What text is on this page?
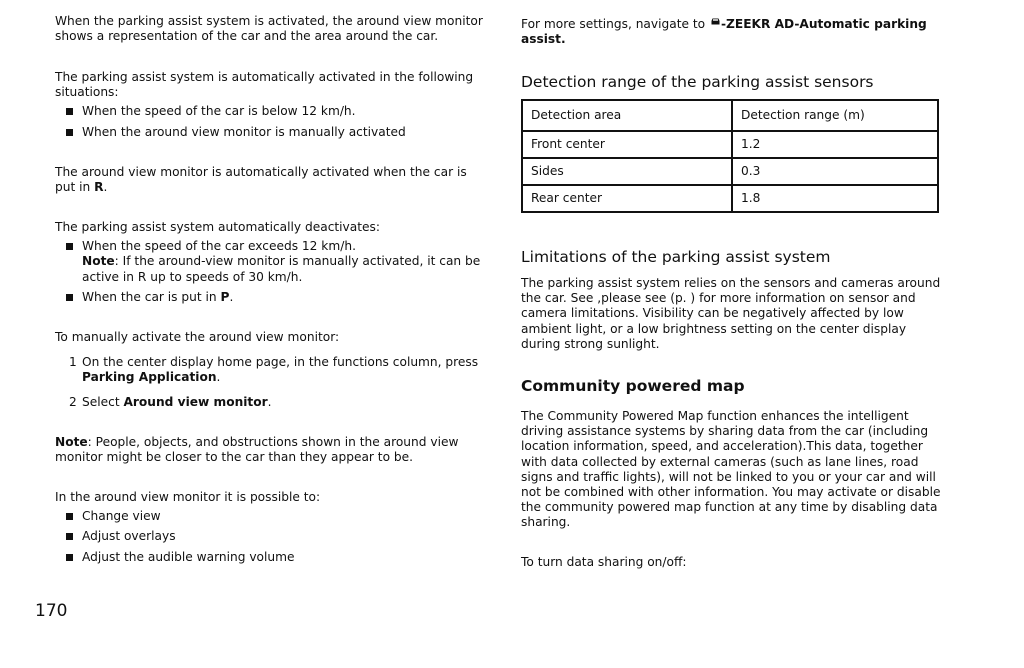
When the parking assist system is activated, the around view monitor shows a representation of the car and the area around the car.

The parking assist system is automatically activated in the following situations:

When the speed of the car is below 12 km/h.
When the around view monitor is manually activated

The around view monitor is automatically activated when the car is put in R.

The parking assist system automatically deactivates:

When the speed of the car exceeds 12 km/h.
Note: If the around-view monitor is manually activated, it can be active in R up to speeds of 30 km/h.
When the car is put in P.

To manually activate the around view monitor:

1 On the center display home page, in the functions column, press Parking Application.
2 Select Around view monitor.

Note: People, objects, and obstructions shown in the around view monitor might be closer to the car than they appear to be.

In the around view monitor it is possible to:

Change view
Adjust overlays
Adjust the audible warning volume
170

For more settings, navigate to -ZEEKR AD-Automatic parking assist.

Detection range of the parking assist sensors
Detection area	Detection range (m)
Front center	1.2
Sides	0.3
Rear center	1.8
Limitations of the parking assist system

The parking assist system relies on the sensors and cameras around the car. See ,please see (p. ) for more information on sensor and camera limitations. Visibility can be negatively affected by low ambient light, or a low brightness setting on the center display during strong sunlight.

Community powered map

The Community Powered Map function enhances the intelligent driving assistance systems by sharing data from the car (including location information, speed, and acceleration).This data, together with data collected by external cameras (such as lane lines, road signs and traffic lights), will not be linked to you or your car and will not be combined with other information. You may activate or disable the community powered map function at any time by disabling data sharing.

To turn data sharing on/off:
